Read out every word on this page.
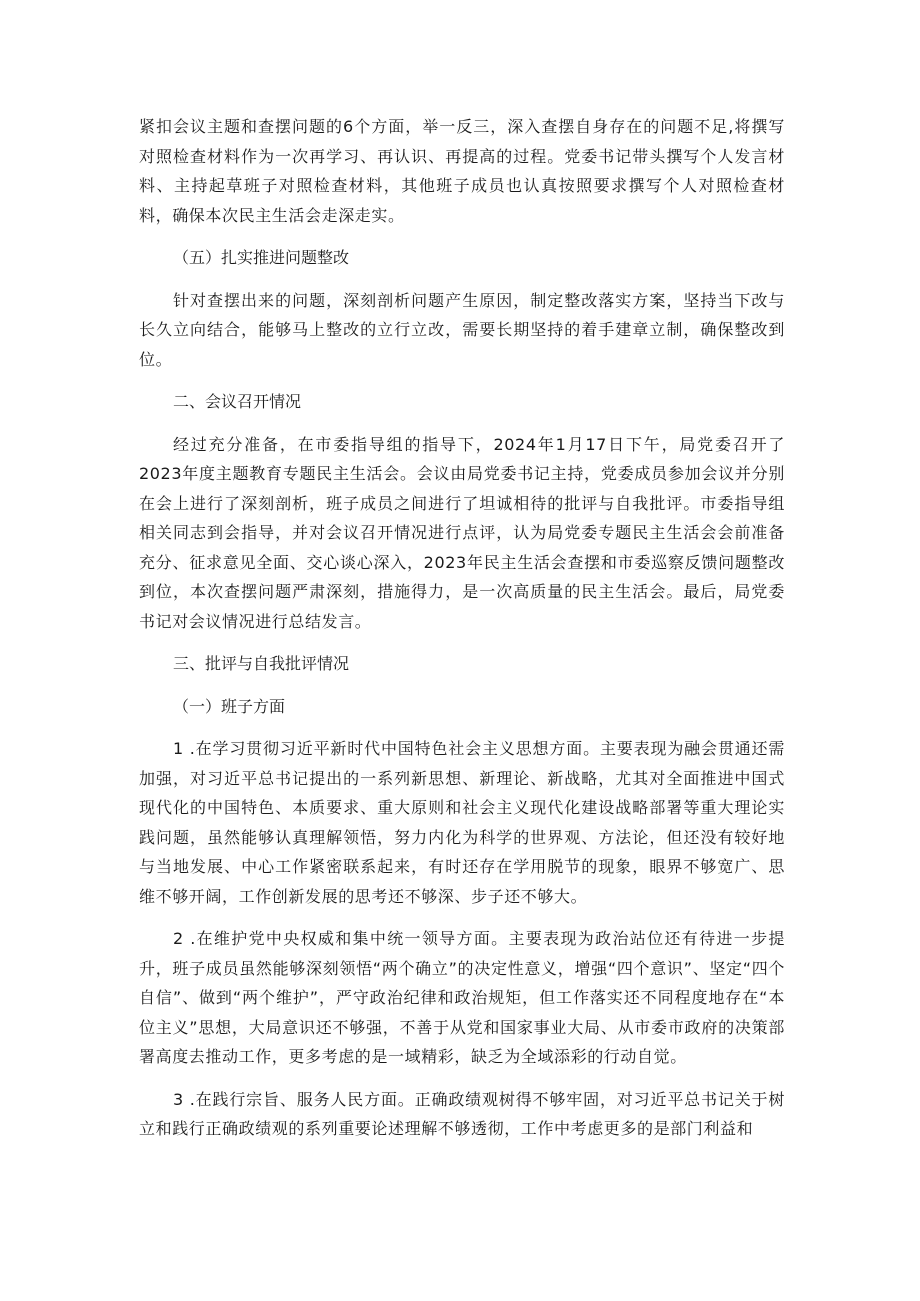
紧扣会议主题和查摆问题的6个方面，举一反三，深入查摆自身存在的问题不足,将撰写对照检查材料作为一次再学习、再认识、再提高的过程。党委书记带头撰写个人发言材料、主持起草班子对照检查材料，其他班子成员也认真按照要求撰写个人对照检查材料，确保本次民主生活会走深走实。

（五）扎实推进问题整改

针对查摆出来的问题，深刻剖析问题产生原因，制定整改落实方案，坚持当下改与长久立向结合，能够马上整改的立行立改，需要长期坚持的着手建章立制，确保整改到位。

二、会议召开情况

经过充分准备，在市委指导组的指导下，2024年1月17日下午，局党委召开了2023年度主题教育专题民主生活会。会议由局党委书记主持，党委成员参加会议并分别在会上进行了深刻剖析，班子成员之间进行了坦诚相待的批评与自我批评。市委指导组相关同志到会指导，并对会议召开情况进行点评，认为局党委专题民主生活会会前准备充分、征求意见全面、交心谈心深入，2023年民主生活会查摆和市委巡察反馈问题整改到位，本次查摆问题严肃深刻，措施得力，是一次高质量的民主生活会。最后，局党委书记对会议情况进行总结发言。

三、批评与自我批评情况

（一）班子方面

1 .在学习贯彻习近平新时代中国特色社会主义思想方面。主要表现为融会贯通还需加强，对习近平总书记提出的一系列新思想、新理论、新战略，尤其对全面推进中国式现代化的中国特色、本质要求、重大原则和社会主义现代化建设战略部署等重大理论实践问题，虽然能够认真理解领悟，努力内化为科学的世界观、方法论，但还没有较好地与当地发展、中心工作紧密联系起来，有时还存在学用脱节的现象，眼界不够宽广、思维不够开阔，工作创新发展的思考还不够深、步子还不够大。

2 .在维护党中央权威和集中统一领导方面。主要表现为政治站位还有待进一步提升，班子成员虽然能够深刻领悟“两个确立”的决定性意义，增强“四个意识”、坚定“四个自信”、做到“两个维护”，严守政治纪律和政治规矩，但工作落实还不同程度地存在“本位主义”思想，大局意识还不够强，不善于从党和国家事业大局、从市委市政府的决策部署高度去推动工作，更多考虑的是一域精彩，缺乏为全域添彩的行动自觉。

3 .在践行宗旨、服务人民方面。正确政绩观树得不够牢固，对习近平总书记关于树立和践行正确政绩观的系列重要论述理解不够透彻，工作中考虑更多的是部门利益和
